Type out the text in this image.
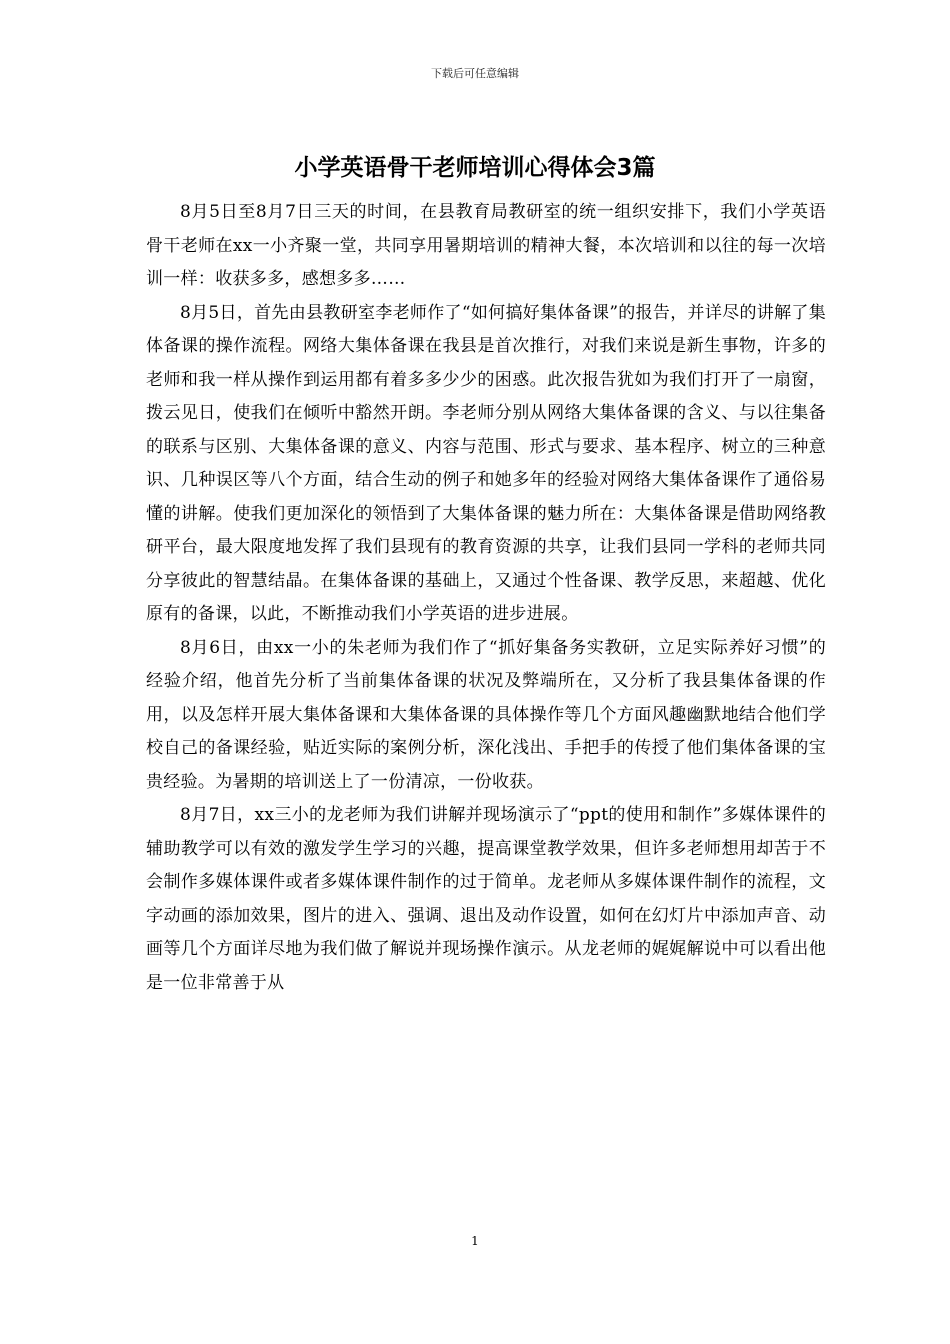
下载后可任意编辑
小学英语骨干老师培训心得体会3篇

8月5日至8月7日三天的时间，在县教育局教研室的统一组织安排下，我们小学英语骨干老师在xx一小齐聚一堂，共同享用暑期培训的精神大餐，本次培训和以往的每一次培训一样：收获多多，感想多多……

8月5日，首先由县教研室李老师作了“如何搞好集体备课”的报告，并详尽的讲解了集体备课的操作流程。网络大集体备课在我县是首次推行，对我们来说是新生事物，许多的老师和我一样从操作到运用都有着多多少少的困惑。此次报告犹如为我们打开了一扇窗，拨云见日，使我们在倾听中豁然开朗。李老师分别从网络大集体备课的含义、与以往集备的联系与区别、大集体备课的意义、内容与范围、形式与要求、基本程序、树立的三种意识、几种误区等八个方面，结合生动的例子和她多年的经验对网络大集体备课作了通俗易懂的讲解。使我们更加深化的领悟到了大集体备课的魅力所在：大集体备课是借助网络教研平台，最大限度地发挥了我们县现有的教育资源的共享，让我们县同一学科的老师共同分享彼此的智慧结晶。在集体备课的基础上，又通过个性备课、教学反思，来超越、优化原有的备课，以此，不断推动我们小学英语的进步进展。

8月6日，由xx一小的朱老师为我们作了“抓好集备务实教研，立足实际养好习惯”的经验介绍，他首先分析了当前集体备课的状况及弊端所在，又分析了我县集体备课的作用，以及怎样开展大集体备课和大集体备课的具体操作等几个方面风趣幽默地结合他们学校自己的备课经验，贴近实际的案例分析，深化浅出、手把手的传授了他们集体备课的宝贵经验。为暑期的培训送上了一份清凉，一份收获。

8月7日，xx三小的龙老师为我们讲解并现场演示了“ppt的使用和制作”多媒体课件的辅助教学可以有效的激发学生学习的兴趣，提高课堂教学效果，但许多老师想用却苦于不会制作多媒体课件或者多媒体课件制作的过于简单。龙老师从多媒体课件制作的流程，文字动画的添加效果，图片的进入、强调、退出及动作设置，如何在幻灯片中添加声音、动画等几个方面详尽地为我们做了解说并现场操作演示。从龙老师的娓娓解说中可以看出他是一位非常善于从

1
